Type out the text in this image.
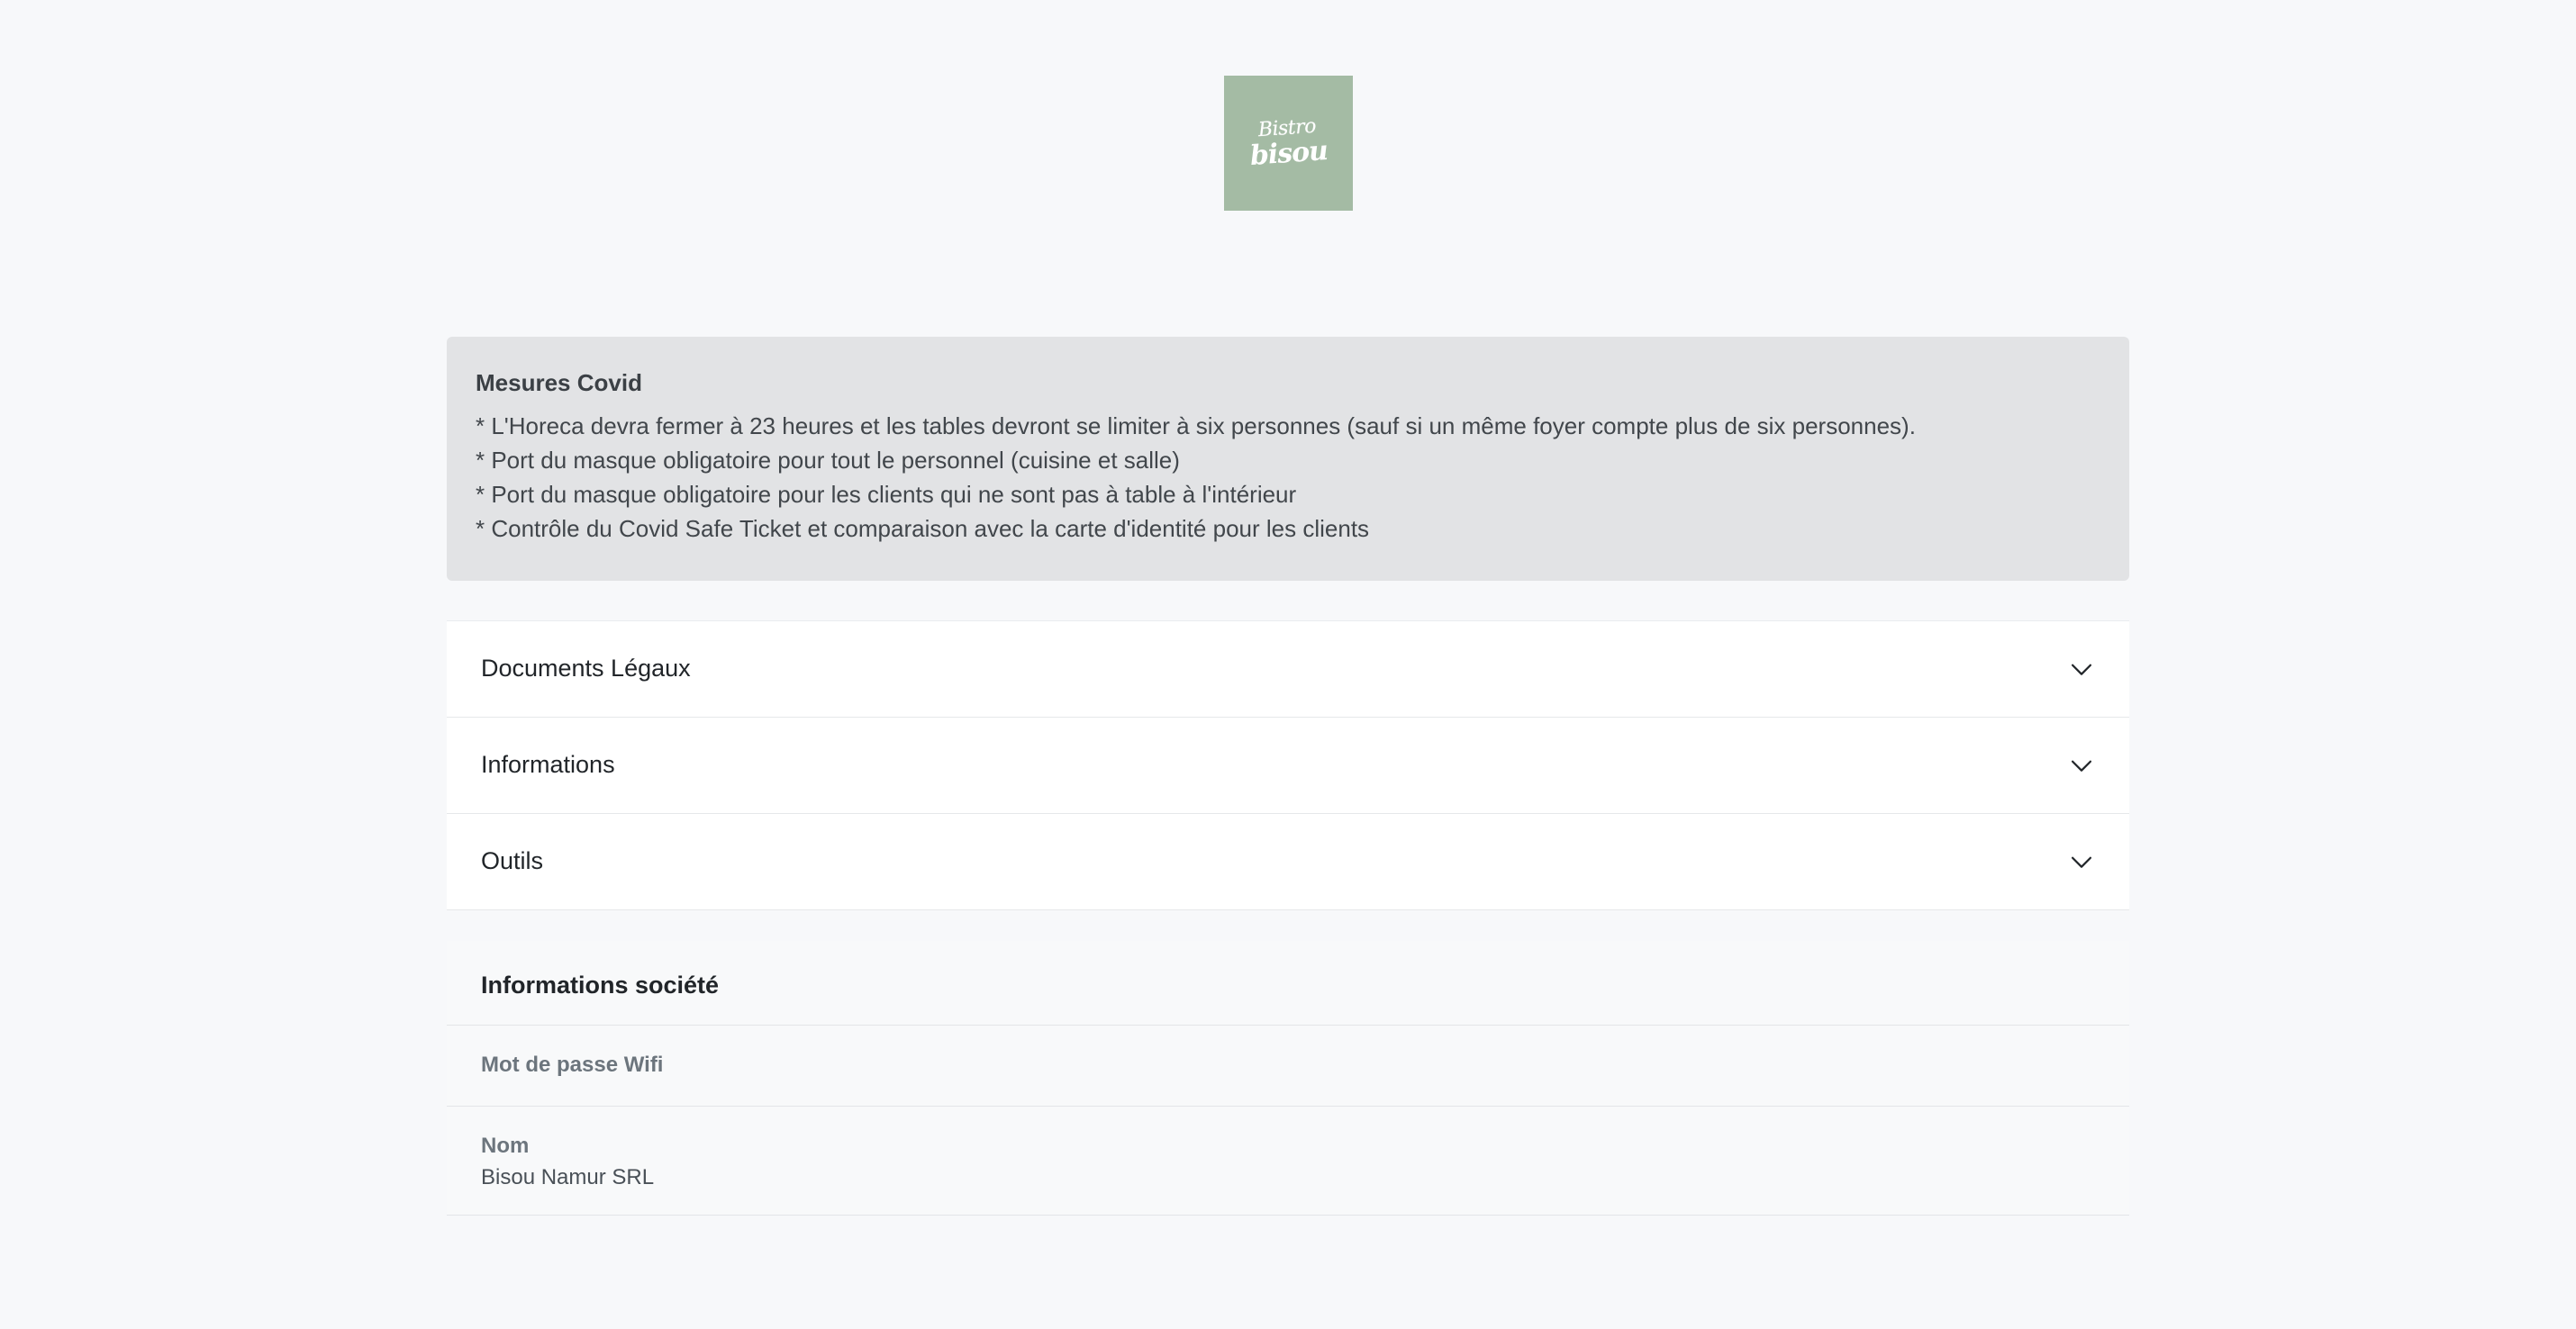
Bistro
bisou
Mesures Covid
* L'Horeca devra fermer à 23 heures et les tables devront se limiter à six personnes (sauf si un même foyer compte plus de six personnes).
* Port du masque obligatoire pour tout le personnel (cuisine et salle)
* Port du masque obligatoire pour les clients qui ne sont pas à table à l'intérieur
* Contrôle du Covid Safe Ticket et comparaison avec la carte d'identité pour les clients
Documents Légaux
Informations
Outils
Informations société
Mot de passe Wifi
Nom
Bisou Namur SRL
